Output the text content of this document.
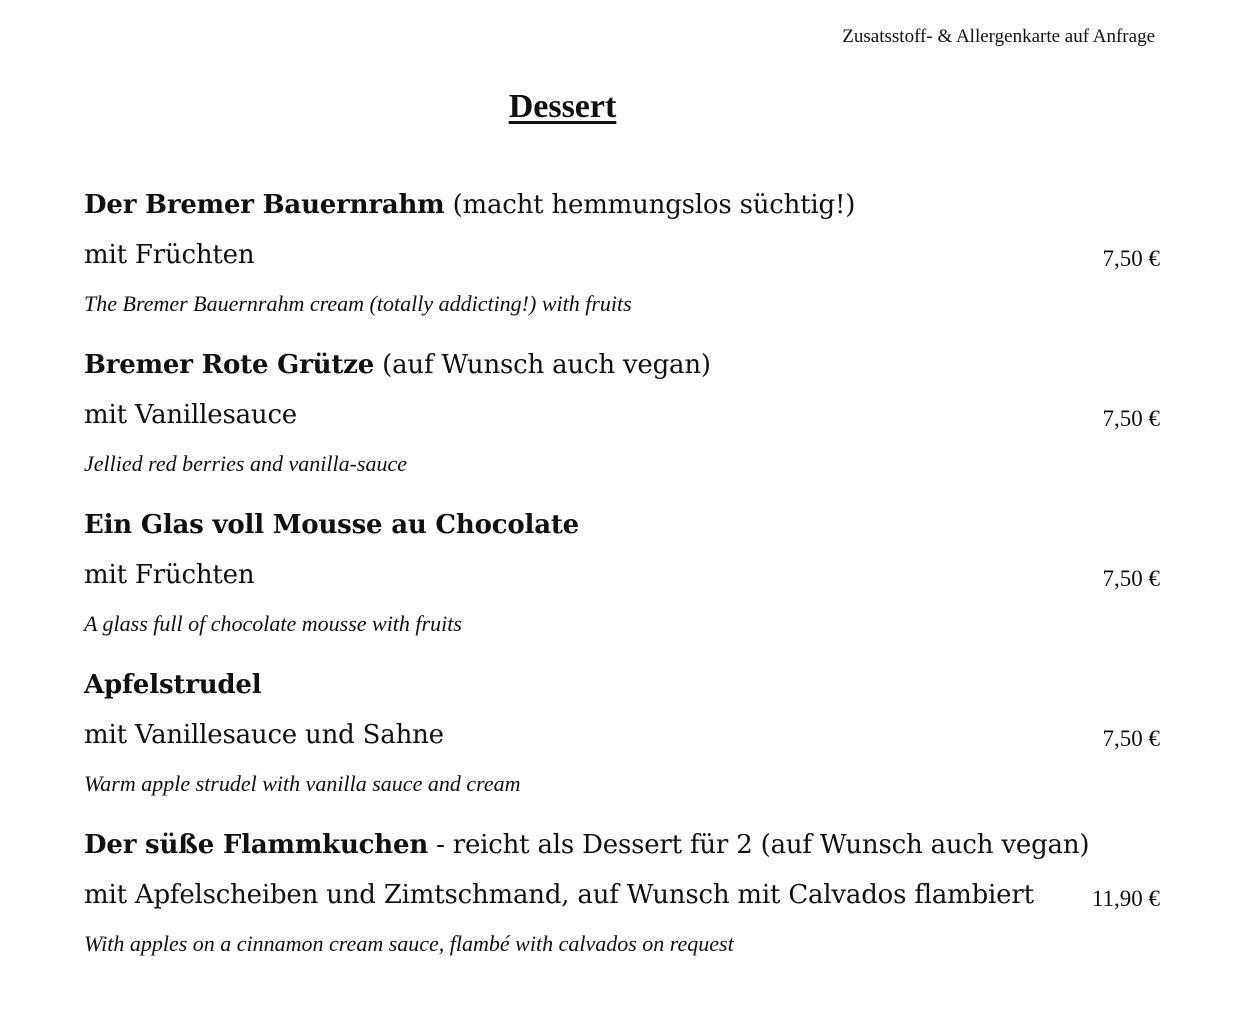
Zusatsstoff- & Allergenkarte auf Anfrage
Dessert
Der Bremer Bauernrahm (macht hemmungslos süchtig!)
mit Früchten	7,50 €
The Bremer Bauernrahm cream (totally addicting!) with fruits
Bremer Rote Grütze (auf Wunsch auch vegan)
mit Vanillesauce	7,50 €
Jellied red berries and vanilla-sauce
Ein Glas voll Mousse au Chocolate
mit Früchten	7,50 €
A glass full of chocolate mousse with fruits
Apfelstrudel
mit Vanillesauce und Sahne	7,50 €
Warm apple strudel with vanilla sauce and cream
Der süße Flammkuchen - reicht als Dessert für 2 (auf Wunsch auch vegan)
mit Apfelscheiben und Zimtschmand, auf Wunsch mit Calvados flambiert	11,90 €
With apples on a cinnamon cream sauce, flambé with calvados on request
